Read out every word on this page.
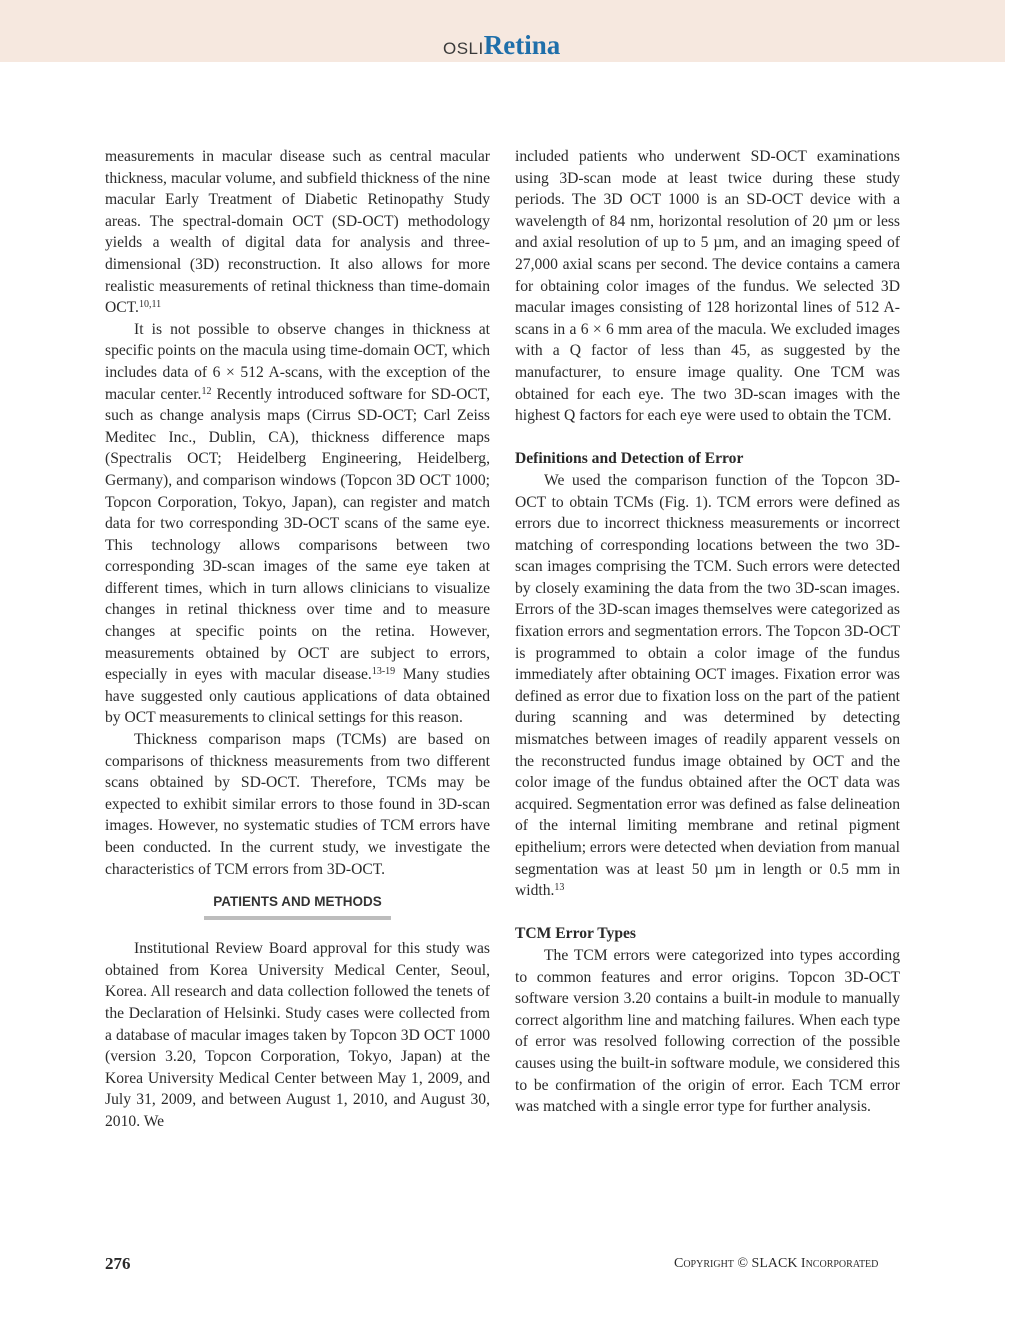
OSLIRetina

measurements in macular disease such as central macular thickness, macular volume, and subfield thickness of the nine macular Early Treatment of Diabetic Retinopathy Study areas. The spectral-domain OCT (SD-OCT) methodology yields a wealth of digital data for analysis and three-dimensional (3D) reconstruction. It also allows for more realistic measurements of retinal thickness than time-domain OCT.$^{10,11}$

It is not possible to observe changes in thickness at specific points on the macula using time-domain OCT, which includes data of 6 × 512 A-scans, with the exception of the macular center.$^{12}$ Recently introduced software for SD-OCT, such as change analysis maps (Cirrus SD-OCT; Carl Zeiss Meditec Inc., Dublin, CA), thickness difference maps (Spectralis OCT; Heidelberg Engineering, Heidelberg, Germany), and comparison windows (Topcon 3D OCT 1000; Topcon Corporation, Tokyo, Japan), can register and match data for two corresponding 3D-OCT scans of the same eye. This technology allows comparisons between two corresponding 3D-scan images of the same eye taken at different times, which in turn allows clinicians to visualize changes in retinal thickness over time and to measure changes at specific points on the retina. However, measurements obtained by OCT are subject to errors, especially in eyes with macular disease.$^{13-19}$ Many studies have suggested only cautious applications of data obtained by OCT measurements to clinical settings for this reason.

Thickness comparison maps (TCMs) are based on comparisons of thickness measurements from two different scans obtained by SD-OCT. Therefore, TCMs may be expected to exhibit similar errors to those found in 3D-scan images. However, no systematic studies of TCM errors have been conducted. In the current study, we investigate the characteristics of TCM errors from 3D-OCT.

PATIENTS AND METHODS

Institutional Review Board approval for this study was obtained from Korea University Medical Center, Seoul, Korea. All research and data collection followed the tenets of the Declaration of Helsinki. Study cases were collected from a database of macular images taken by Topcon 3D OCT 1000 (version 3.20, Topcon Corporation, Tokyo, Japan) at the Korea University Medical Center between May 1, 2009, and July 31, 2009, and between August 1, 2010, and August 30, 2010. We

included patients who underwent SD-OCT examinations using 3D-scan mode at least twice during these study periods. The 3D OCT 1000 is an SD-OCT device with a wavelength of 84 nm, horizontal resolution of 20 µm or less and axial resolution of up to 5 µm, and an imaging speed of 27,000 axial scans per second. The device contains a camera for obtaining color images of the fundus. We selected 3D macular images consisting of 128 horizontal lines of 512 A-scans in a 6 × 6 mm area of the macula. We excluded images with a Q factor of less than 45, as suggested by the manufacturer, to ensure image quality. One TCM was obtained for each eye. The two 3D-scan images with the highest Q factors for each eye were used to obtain the TCM.

Definitions and Detection of Error

We used the comparison function of the Topcon 3D-OCT to obtain TCMs (Fig. 1). TCM errors were defined as errors due to incorrect thickness measurements or incorrect matching of corresponding locations between the two 3D-scan images comprising the TCM. Such errors were detected by closely examining the data from the two 3D-scan images. Errors of the 3D-scan images themselves were categorized as fixation errors and segmentation errors. The Topcon 3D-OCT is programmed to obtain a color image of the fundus immediately after obtaining OCT images. Fixation error was defined as error due to fixation loss on the part of the patient during scanning and was determined by detecting mismatches between images of readily apparent vessels on the reconstructed fundus image obtained by OCT and the color image of the fundus obtained after the OCT data was acquired. Segmentation error was defined as false delineation of the internal limiting membrane and retinal pigment epithelium; errors were detected when deviation from manual segmentation was at least 50 µm in length or 0.5 mm in width.$^{13}$

TCM Error Types

The TCM errors were categorized into types according to common features and error origins. Topcon 3D-OCT software version 3.20 contains a built-in module to manually correct algorithm line and matching failures. When each type of error was resolved following correction of the possible causes using the built-in software module, we considered this to be confirmation of the origin of error. Each TCM error was matched with a single error type for further analysis.

276	Copyright © SLACK Incorporated
